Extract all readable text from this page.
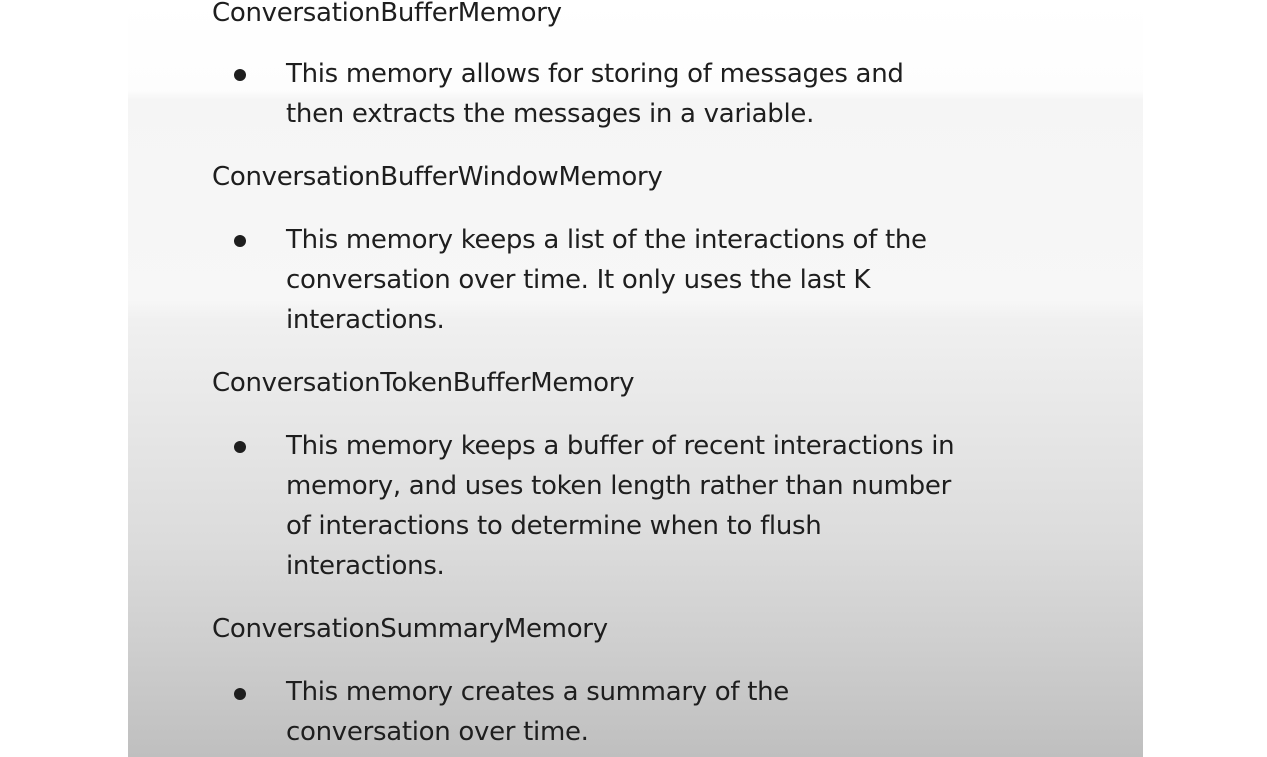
ConversationBufferMemory

This memory allows for storing of messages and
then extracts the messages in a variable.

ConversationBufferWindowMemory

This memory keeps a list of the interactions of the
conversation over time. It only uses the last K
interactions.

ConversationTokenBufferMemory

This memory keeps a buffer of recent interactions in
memory, and uses token length rather than number
of interactions to determine when to flush
interactions.

ConversationSummaryMemory

This memory creates a summary of the
conversation over time.
